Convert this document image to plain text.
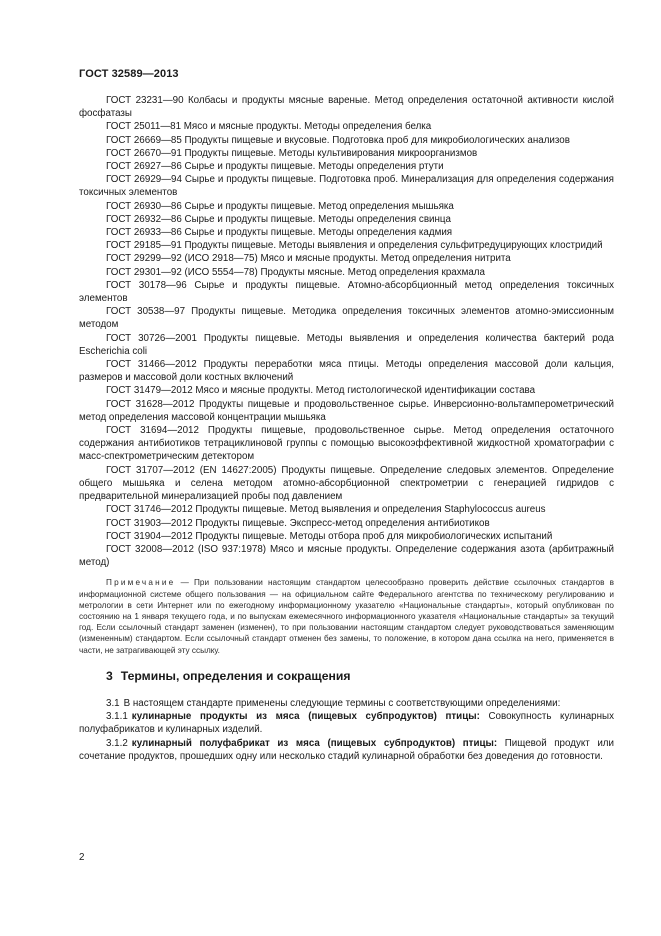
ГОСТ 32589—2013

ГОСТ 23231—90 Колбасы и продукты мясные вареные. Метод определения остаточной активности кислой фосфатазы

ГОСТ 25011—81 Мясо и мясные продукты. Методы определения белка

ГОСТ 26669—85 Продукты пищевые и вкусовые. Подготовка проб для микробиологических анализов

ГОСТ 26670—91 Продукты пищевые. Методы культивирования микроорганизмов

ГОСТ 26927—86 Сырье и продукты пищевые. Методы определения ртути

ГОСТ 26929—94 Сырье и продукты пищевые. Подготовка проб. Минерализация для определения содержания токсичных элементов

ГОСТ 26930—86 Сырье и продукты пищевые. Метод определения мышьяка

ГОСТ 26932—86 Сырье и продукты пищевые. Методы определения свинца

ГОСТ 26933—86 Сырье и продукты пищевые. Методы определения кадмия

ГОСТ 29185—91 Продукты пищевые. Методы выявления и определения сульфитредуцирующих клостридий

ГОСТ 29299—92 (ИСО 2918—75) Мясо и мясные продукты. Метод определения нитрита

ГОСТ 29301—92 (ИСО 5554—78) Продукты мясные. Метод определения крахмала

ГОСТ 30178—96 Сырье и продукты пищевые. Атомно-абсорбционный метод определения токсичных элементов

ГОСТ 30538—97 Продукты пищевые. Методика определения токсичных элементов атомно-эмиссионным методом

ГОСТ 30726—2001 Продукты пищевые. Методы выявления и определения количества бактерий рода Escherichia coli

ГОСТ 31466—2012 Продукты переработки мяса птицы. Методы определения массовой доли кальция, размеров и массовой доли костных включений

ГОСТ 31479—2012 Мясо и мясные продукты. Метод гистологической идентификации состава

ГОСТ 31628—2012 Продукты пищевые и продовольственное сырье. Инверсионно-вольтамперометрический метод определения массовой концентрации мышьяка

ГОСТ 31694—2012 Продукты пищевые, продовольственное сырье. Метод определения остаточного содержания антибиотиков тетрациклиновой группы с помощью высокоэффективной жидкостной хроматографии с масс-спектрометрическим детектором

ГОСТ 31707—2012 (EN 14627:2005) Продукты пищевые. Определение следовых элементов. Определение общего мышьяка и селена методом атомно-абсорбционной спектрометрии с генерацией гидридов с предварительной минерализацией пробы под давлением

ГОСТ 31746—2012 Продукты пищевые. Метод выявления и определения Staphylococcus aureus

ГОСТ 31903—2012 Продукты пищевые. Экспресс-метод определения антибиотиков

ГОСТ 31904—2012 Продукты пищевые. Методы отбора проб для микробиологических испытаний

ГОСТ 32008—2012 (ISO 937:1978) Мясо и мясные продукты. Определение содержания азота (арбитражный метод)

Примечание — При пользовании настоящим стандартом целесообразно проверить действие ссылочных стандартов в информационной системе общего пользования — на официальном сайте Федерального агентства по техническому регулированию и метрологии в сети Интернет или по ежегодному информационному указателю «Национальные стандарты», который опубликован по состоянию на 1 января текущего года, и по выпускам ежемесячного информационного указателя «Национальные стандарты» за текущий год. Если ссылочный стандарт заменен (изменен), то при пользовании настоящим стандартом следует руководствоваться заменяющим (измененным) стандартом. Если ссылочный стандарт отменен без замены, то положение, в котором дана ссылка на него, применяется в части, не затрагивающей эту ссылку.

3 Термины, определения и сокращения

3.1 В настоящем стандарте применены следующие термины с соответствующими определениями:

3.1.1 кулинарные продукты из мяса (пищевых субпродуктов) птицы: Совокупность кулинарных полуфабрикатов и кулинарных изделий.

3.1.2 кулинарный полуфабрикат из мяса (пищевых субпродуктов) птицы: Пищевой продукт или сочетание продуктов, прошедших одну или несколько стадий кулинарной обработки без доведения до готовности.

2
